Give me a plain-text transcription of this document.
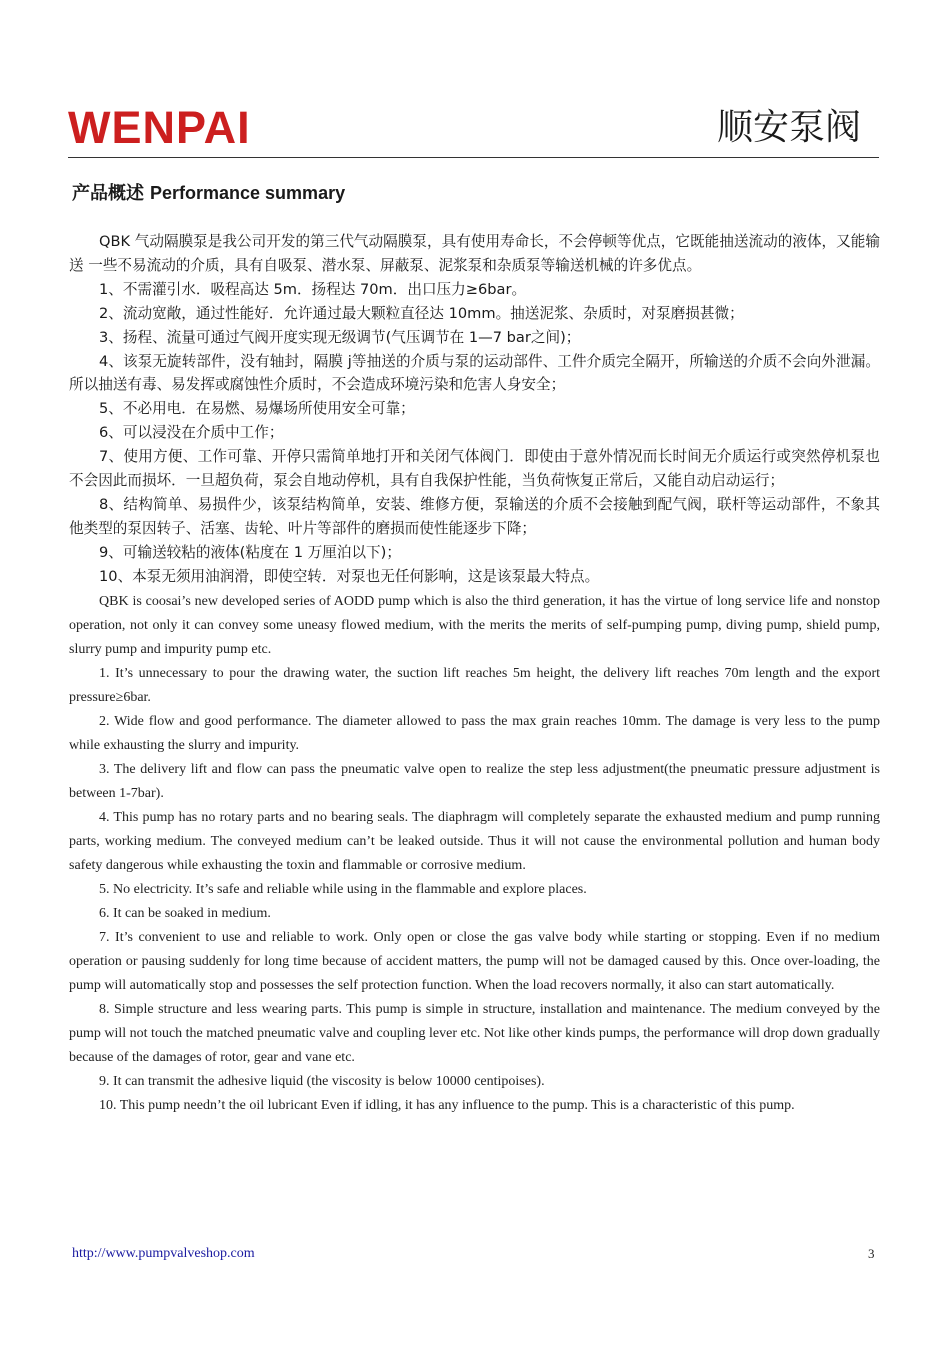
WENPAI	顺安泵阀
产品概述 Performance summary

QBK 气动隔膜泵是我公司开发的第三代气动隔膜泵，具有使用寿命长，不会停顿等优点，它既能抽送流动的液体，又能输送 一些不易流动的介质，具有自吸泵、潜水泵、屏蔽泵、泥浆泵和杂质泵等输送机械的许多优点。

1、不需灌引水．吸程高达 5m．扬程达 70m．出口压力≥6bar。

2、流动宽敞，通过性能好．允许通过最大颗粒直径达 10mm。抽送泥浆、杂质时，对泵磨损甚微；

3、扬程、流量可通过气阀开度实现无级调节(气压调节在 1—7 bar之间)；

4、该泵无旋转部件，没有轴封，隔膜 j等抽送的介质与泵的运动部件、工件介质完全隔开，所输送的介质不会向外泄漏。所以抽送有毒、易发挥或腐蚀性介质时，不会造成环境污染和危害人身安全；

5、不必用电．在易燃、易爆场所使用安全可靠；

6、可以浸没在介质中工作；

7、使用方便、工作可靠、开停只需简单地打开和关闭气体阀门．即使由于意外情况而长时间无介质运行或突然停机泵也不会因此而损坏．一旦超负荷，泵会自地动停机，具有自我保护性能，当负荷恢复正常后，又能自动启动运行；

8、结构简单、易损件少，该泵结构简单，安装、维修方便，泵输送的介质不会接触到配气阀，联杆等运动部件，不象其他类型的泵因转子、活塞、齿轮、叶片等部件的磨损而使性能逐步下降；

9、可输送较粘的液体(粘度在 1 万厘泊以下)；

10、本泵无须用油润滑，即使空转．对泵也无任何影响，这是该泵最大特点。

QBK is coosai’s new developed series of AODD pump which is also the third generation, it has the virtue of long service life and nonstop operation, not only it can convey some uneasy flowed medium, with the merits the merits of self-pumping pump, diving pump, shield pump, slurry pump and impurity pump etc.

1. It’s unnecessary to pour the drawing water, the suction lift reaches 5m height, the delivery lift reaches 70m length and the export pressure≥6bar.

2. Wide flow and good performance. The diameter allowed to pass the max grain reaches 10mm. The damage is very less to the pump while exhausting the slurry and impurity.

3. The delivery lift and flow can pass the pneumatic valve open to realize the step less adjustment(the pneumatic pressure adjustment is between 1-7bar).

4. This pump has no rotary parts and no bearing seals. The diaphragm will completely separate the exhausted medium and pump running parts, working medium. The conveyed medium can’t be leaked outside. Thus it will not cause the environmental pollution and human body safety dangerous while exhausting the toxin and flammable or corrosive medium.

5. No electricity. It’s safe and reliable while using in the flammable and explore places.

6. It can be soaked in medium.

7. It’s convenient to use and reliable to work. Only open or close the gas valve body while starting or stopping. Even if no medium operation or pausing suddenly for long time because of accident matters, the pump will not be damaged caused by this. Once over-loading, the pump will automatically stop and possesses the self protection function. When the load recovers normally, it also can start automatically.

8. Simple structure and less wearing parts. This pump is simple in structure, installation and maintenance. The medium conveyed by the pump will not touch the matched pneumatic valve and coupling lever etc. Not like other kinds pumps, the performance will drop down gradually because of the damages of rotor, gear and vane etc.

9. It can transmit the adhesive liquid (the viscosity is below 10000 centipoises).

10. This pump needn’t the oil lubricant Even if idling, it has any influence to the pump. This is a characteristic of this pump.

http://www.pumpvalveshop.com	3
